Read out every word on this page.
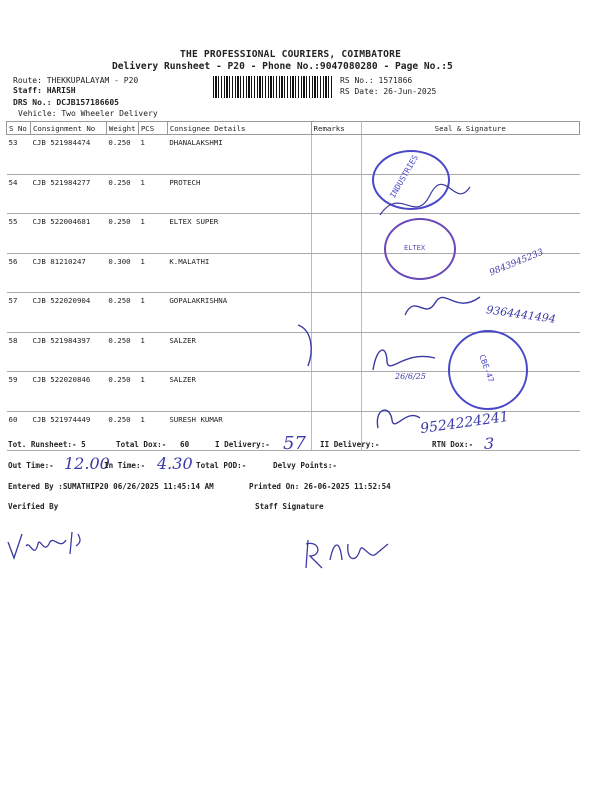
THE PROFESSIONAL COURIERS, COIMBATORE
Delivery Runsheet - P20 - Phone No.:9047080280 - Page No.:5
Route: THEKKUPALAYAM - P20
Staff: HARISH
DRS No.: DCJB157186605
Vehicle: Two Wheeler Delivery
RS No.: 1571866
RS Date: 26-Jun-2025
S No	Consignment No	Weight	PCS	Consignee Details	Remarks	Seal & Signature
53	CJB 521984474	0.250	1	DHANALAKSHMI		
54	CJB 521984277	0.250	1	PROTECH		
55	CJB 522004681	0.250	1	ELTEX SUPER		
56	CJB 81210247	0.300	1	K.MALATHI		
57	CJB 522020904	0.250	1	GOPALAKRISHNA		
58	CJB 521984397	0.250	1	SALZER		
59	CJB 522020846	0.250	1	SALZER		
60	CJB 521974449	0.250	1	SURESH KUMAR		
INDUSTRIES
ELTEX
CBE-47
9843945233
9364441494
26/6/25
9524224241
Tot. Runsheet:- 5	Total Dox:- 60	I Delivery:- 57 II Delivery:-	RTN Dox:- 3
Out Time:- 12.00
In Time:- 4.30 Total POD:-	Delvy Points:-
Entered By :SUMATHIP20 06/26/2025 11:45:14 AM	Printed On: 26-06-2025 11:52:54
Verified By	Staff Signature
